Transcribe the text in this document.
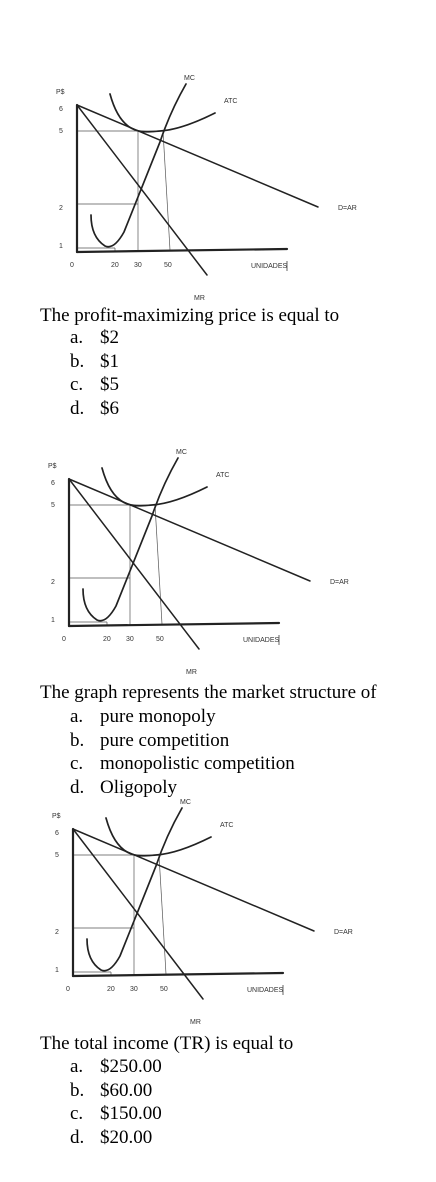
P$
6
5
2
1
0	20 30	50
MC
ATC
D=AR
MR
UNIDADES

The profit-maximizing price is equal to

a. $2
b. $1
c. $5
d. $6
P$
6
5
2
1
0	20 30	50
MC
ATC
D=AR
MR
UNIDADES

The graph represents the market structure of

a. pure monopoly
b. pure competition
c. monopolistic competition
d. Oligopoly
P$
6
5
2
1
0	20 30	50
MC
ATC
D=AR
MR
UNIDADES

The total income (TR) is equal to

a. $250.00
b. $60.00
c. $150.00
d. $20.00
